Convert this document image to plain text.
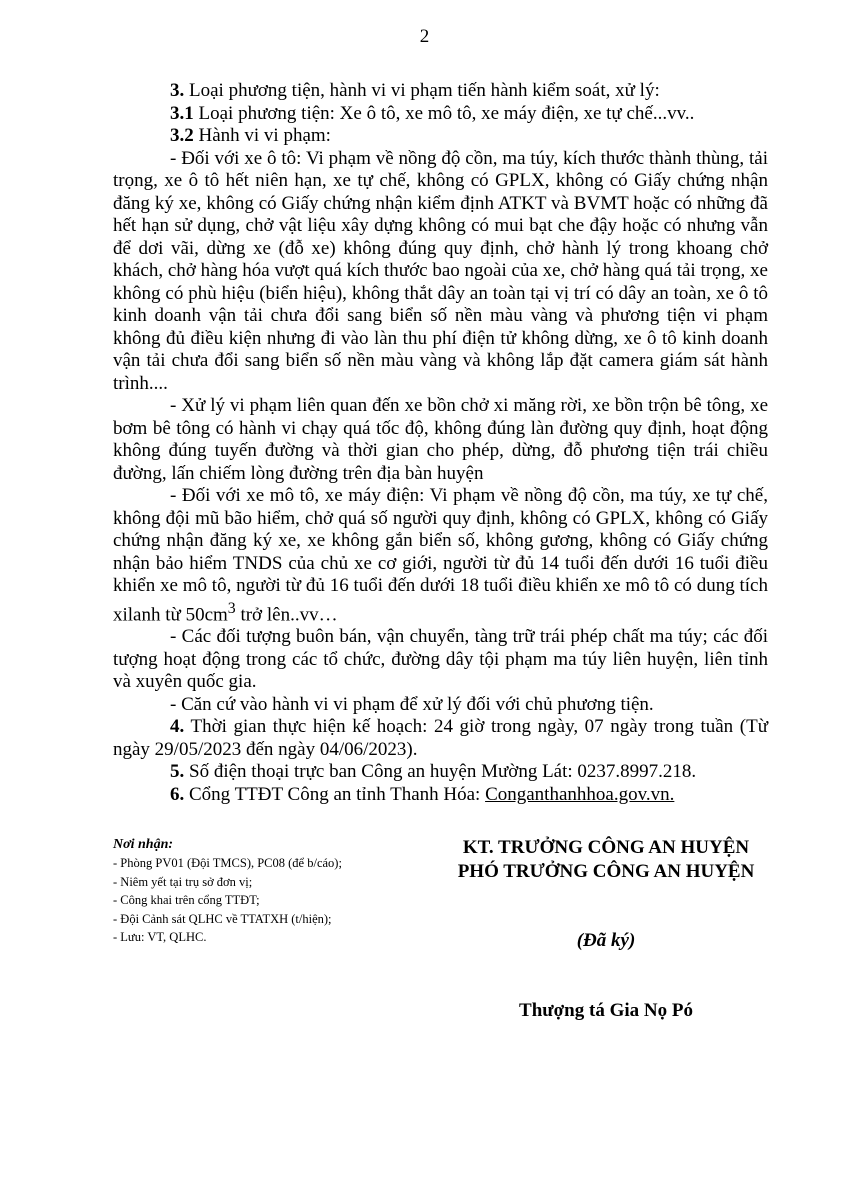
2

3. Loại phương tiện, hành vi vi phạm tiến hành kiểm soát, xử lý:

3.1 Loại phương tiện: Xe ô tô, xe mô tô, xe máy điện, xe tự chế...vv..

3.2 Hành vi vi phạm:

- Đối với xe ô tô: Vi phạm về nồng độ cồn, ma túy, kích thước thành thùng, tải trọng, xe ô tô hết niên hạn, xe tự chế, không có GPLX, không có Giấy chứng nhận đăng ký xe, không có Giấy chứng nhận kiểm định ATKT và BVMT hoặc có những đã hết hạn sử dụng, chở vật liệu xây dựng không có mui bạt che đậy hoặc có nhưng vẫn để dơi vãi, dừng xe (đỗ xe) không đúng quy định, chở hành lý trong khoang chở khách, chở hàng hóa vượt quá kích thước bao ngoài của xe, chở hàng quá tải trọng, xe không có phù hiệu (biển hiệu), không thắt dây an toàn tại vị trí có dây an toàn, xe ô tô kinh doanh vận tải chưa đổi sang biển số nền màu vàng và phương tiện vi phạm không đủ điều kiện nhưng đi vào làn thu phí điện tử không dừng, xe ô tô kinh doanh vận tải chưa đổi sang biển số nền màu vàng và không lắp đặt camera giám sát hành trình....

- Xử lý vi phạm liên quan đến xe bồn chở xi măng rời, xe bồn trộn bê tông, xe bơm bê tông có hành vi chạy quá tốc độ, không đúng làn đường quy định, hoạt động không đúng tuyến đường và thời gian cho phép, dừng, đỗ phương tiện trái chiều đường, lấn chiếm lòng đường trên địa bàn huyện

- Đối với xe mô tô, xe máy điện: Vi phạm về nồng độ cồn, ma túy, xe tự chế, không đội mũ bão hiểm, chở quá số người quy định, không có GPLX, không có Giấy chứng nhận đăng ký xe, xe không gắn biển số, không gương, không có Giấy chứng nhận bảo hiểm TNDS của chủ xe cơ giới, người từ đủ 14 tuổi đến dưới 16 tuổi điều khiển xe mô tô, người từ đủ 16 tuổi đến dưới 18 tuổi điều khiển xe mô tô có dung tích xilanh từ $50cm^3$ trở lên..vv…

- Các đối tượng buôn bán, vận chuyển, tàng trữ trái phép chất ma túy; các đối tượng hoạt động trong các tổ chức, đường dây tội phạm ma túy liên huyện, liên tỉnh và xuyên quốc gia.

- Căn cứ vào hành vi vi phạm để xử lý đối với chủ phương tiện.

4. Thời gian thực hiện kế hoạch: 24 giờ trong ngày, 07 ngày trong tuần (Từ ngày 29/05/2023 đến ngày 04/06/2023).

5. Số điện thoại trực ban Công an huyện Mường Lát: 0237.8997.218.

6. Cổng TTĐT Công an tỉnh Thanh Hóa: Conganthanhhoa.gov.vn.

Nơi nhận:
- Phòng PV01 (Đội TMCS), PC08 (để b/cáo);
- Niêm yết tại trụ sở đơn vị;
- Công khai trên cổng TTĐT;
- Đội Cảnh sát QLHC về TTATXH (t/hiện);
- Lưu: VT, QLHC.
KT. TRƯỞNG CÔNG AN HUYỆN
PHÓ TRƯỞNG CÔNG AN HUYỆN
(Đã ký)
Thượng tá Gia Nọ Pó
